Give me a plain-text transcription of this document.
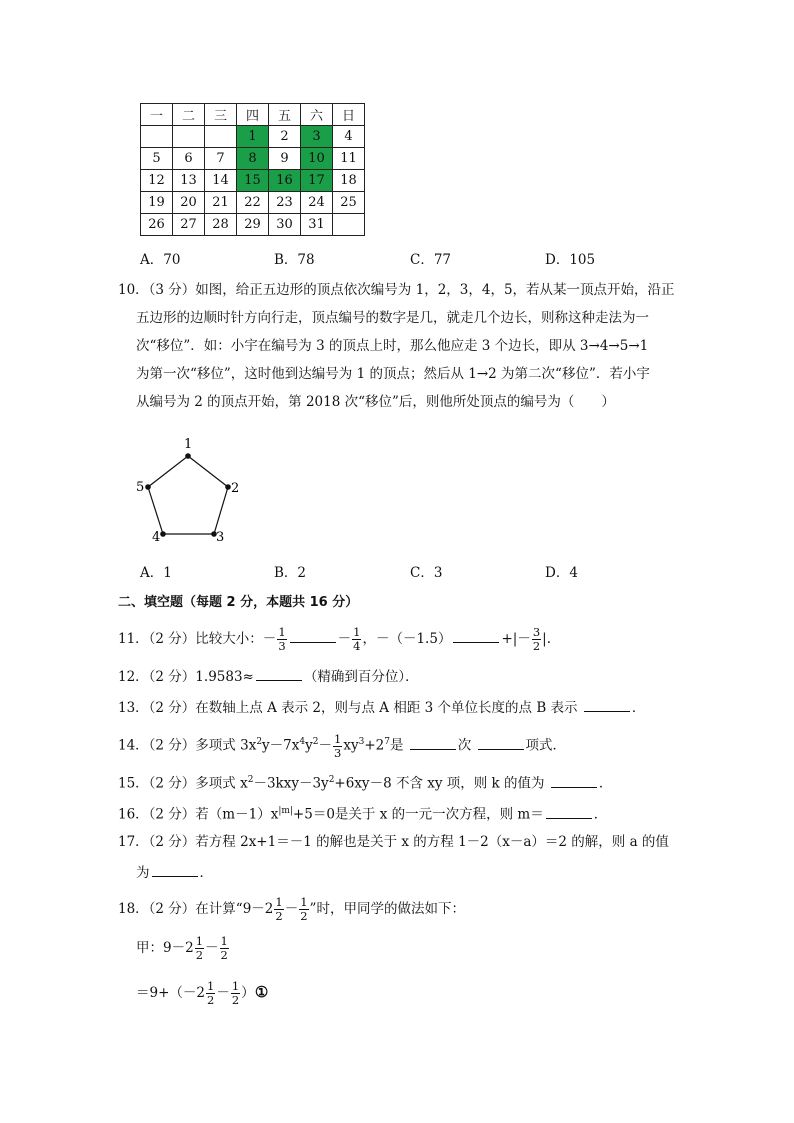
一	二	三	四	五	六	日
			1	2	3	4
5	6	7	8	9	10	11
12	13	14	15	16	17	18
19	20	21	22	23	24	25
26	27	28	29	30	31	
A．70	B．78	C．77	D．105
10．（3 分）如图，给正五边形的顶点依次编号为 1，2，3，4，5，若从某一顶点开始，沿正
五边形的边顺时针方向行走，顶点编号的数字是几，就走几个边长，则称这种走法为一
次“移位”．如：小宇在编号为 3 的顶点上时，那么他应走 3 个边长，即从 3→4→5→1
为第一次“移位”，这时他到达编号为 1 的顶点；然后从 1→2 为第二次“移位”．若小宇
从编号为 2 的顶点开始，第 2018 次“移位”后，则他所处顶点的编号为（　　）
1
2
3
4
5
A．1	B．2	C．3	D．4
二、填空题（每题 2 分，本题共 16 分）
11．（2 分）比较大小：－ $\frac{1}{3}$	－ $\frac{1}{4}$ ，－（－1.5）	+|－ $\frac{3}{2}$ |.
12．（2 分）1.9583≈	（精确到百分位）．
13．（2 分）在数轴上点 A 表示 2，则与点 A 相距 3 个单位长度的点 B 表示	．
14．（2 分）多项式 $3x^2y-7x^4y^2- \frac{1}{3} xy^3+2^7$是	次	项式．
15．（2 分）多项式 $x^2-3kxy-3y^2+6xy-8$ 不含 xy 项，则 k 的值为	．
16．（2 分）若$(m-1)x^{|m|}+5=0$是关于 x 的一元一次方程，则 m＝	．
17．（2 分）若方程 2x+1＝－1 的解也是关于 x 的方程 1－2（x－a）＝2 的解，则 a 的值
为	．
18．（2 分）在计算“$9-2 \frac{1}{2} - \frac{1}{2}$ ”时，甲同学的做法如下：
甲：$9-2 \frac{1}{2} - \frac{1}{2}$
$=9+(-2 \frac{1}{2} - \frac{1}{2}$ ）①
